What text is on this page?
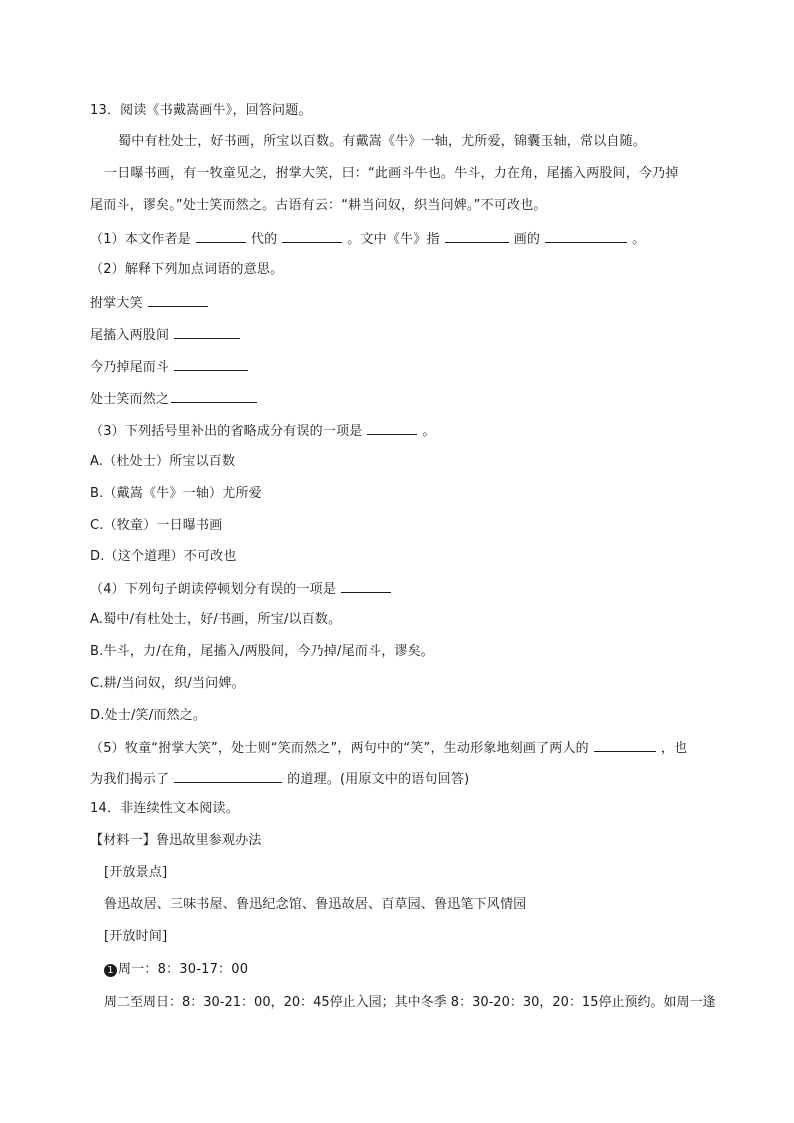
13．阅读《书戴嵩画牛》，回答问题。
蜀中有杜处士，好书画，所宝以百数。有戴嵩《牛》一轴，尤所爱，锦囊玉轴，常以自随。
一日曝书画，有一牧童见之，拊掌大笑，曰：“此画斗牛也。牛斗，力在角，尾搐入两股间，今乃掉
尾而斗，谬矣。”处士笑而然之。古语有云：“耕当问奴，织当问婢。”不可改也。
（1）本文作者是	代的	。文中《牛》指	画的	。
（2）解释下列加点词语的意思。
拊掌大笑
尾搐入两股间
今乃掉尾而斗
处士笑而然之
（3）下列括号里补出的省略成分有误的一项是	。
A.（杜处士）所宝以百数
B.（戴嵩《牛》一轴）尤所爱
C.（牧童）一日曝书画
D.（这个道理）不可改也
（4）下列句子朗读停顿划分有误的一项是
A.蜀中/有杜处士，好/书画，所宝/以百数。
B.牛斗，力/在角，尾搐入/两股间，今乃掉/尾而斗，谬矣。
C.耕/当问奴，织/当问婢。
D.处士/笑/而然之。
（5）牧童“拊掌大笑”，处士则“笑而然之”，两句中的“笑”，生动形象地刻画了两人的	，也
为我们揭示了	的道理。(用原文中的语句回答)
14．非连续性文本阅读。
【材料一】鲁迅故里参观办法
[开放景点]
鲁迅故居、三味书屋、鲁迅纪念馆、鲁迅故居、百草园、鲁迅笔下风情园
[开放时间]
1 周一：8：30-17：00
周二至周日：8：30-21：00，20：45停止入园；其中冬季 8：30-20：30，20：15停止预约。如周一逢
